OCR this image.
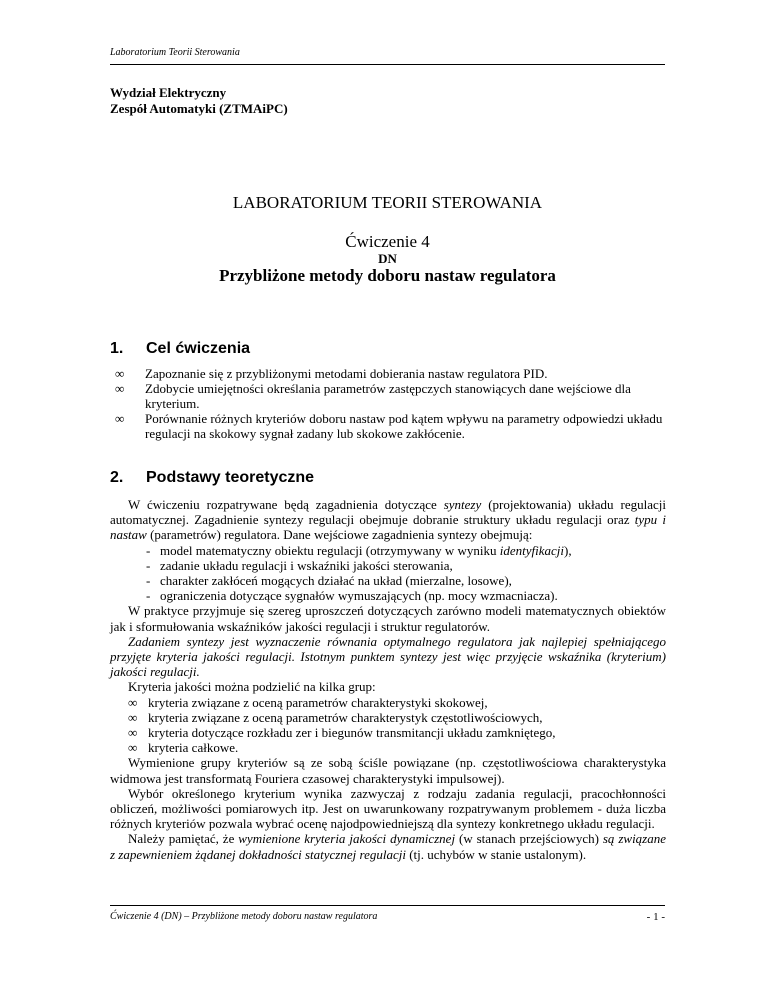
Laboratorium Teorii Sterowania
Wydział Elektryczny
Zespół Automatyki (ZTMAiPC)
LABORATORIUM TEORII STEROWANIA
Ćwiczenie 4
DN
Przybliżone metody doboru nastaw regulatora
1. Cel ćwiczenia
∞ Zapoznanie się z przybliżonymi metodami dobierania nastaw regulatora PID.
∞ Zdobycie umiejętności określania parametrów zastępczych stanowiących dane wejściowe dla kryterium.
∞ Porównanie różnych kryteriów doboru nastaw pod kątem wpływu na parametry odpowiedzi układu regulacji na skokowy sygnał zadany lub skokowe zakłócenie.
2. Podstawy teoretyczne

W ćwiczeniu rozpatrywane będą zagadnienia dotyczące syntezy (projektowania) układu regulacji automatycznej. Zagadnienie syntezy regulacji obejmuje dobranie struktury układu regulacji oraz typu i nastaw (parametrów) regulatora. Dane wejściowe zagadnienia syntezy obejmują:

- model matematyczny obiektu regulacji (otrzymywany w wyniku identyfikacji),
- zadanie układu regulacji i wskaźniki jakości sterowania,
- charakter zakłóceń mogących działać na układ (mierzalne, losowe),
- ograniczenia dotyczące sygnałów wymuszających (np. mocy wzmacniacza).

W praktyce przyjmuje się szereg uproszczeń dotyczących zarówno modeli matematycznych obiektów jak i sformułowania wskaźników jakości regulacji i struktur regulatorów.

Zadaniem syntezy jest wyznaczenie równania optymalnego regulatora jak najlepiej spełniającego przyjęte kryteria jakości regulacji. Istotnym punktem syntezy jest więc przyjęcie wskaźnika (kryterium) jakości regulacji.

Kryteria jakości można podzielić na kilka grup:

∞ kryteria związane z oceną parametrów charakterystyki skokowej,
∞ kryteria związane z oceną parametrów charakterystyk częstotliwościowych,
∞ kryteria dotyczące rozkładu zer i biegunów transmitancji układu zamkniętego,
∞ kryteria całkowe.

Wymienione grupy kryteriów są ze sobą ściśle powiązane (np. częstotliwościowa charakterystyka widmowa jest transformatą Fouriera czasowej charakterystyki impulsowej).

Wybór określonego kryterium wynika zazwyczaj z rodzaju zadania regulacji, pracochłonności obliczeń, możliwości pomiarowych itp. Jest on uwarunkowany rozpatrywanym problemem - duża liczba różnych kryteriów pozwala wybrać ocenę najodpowiedniejszą dla syntezy konkretnego układu regulacji.

Należy pamiętać, że wymienione kryteria jakości dynamicznej (w stanach przejściowych) są związane z zapewnieniem żądanej dokładności statycznej regulacji (tj. uchybów w stanie ustalonym).

Ćwiczenie 4 (DN) – Przybliżone metody doboru nastaw regulatora	- 1 -
